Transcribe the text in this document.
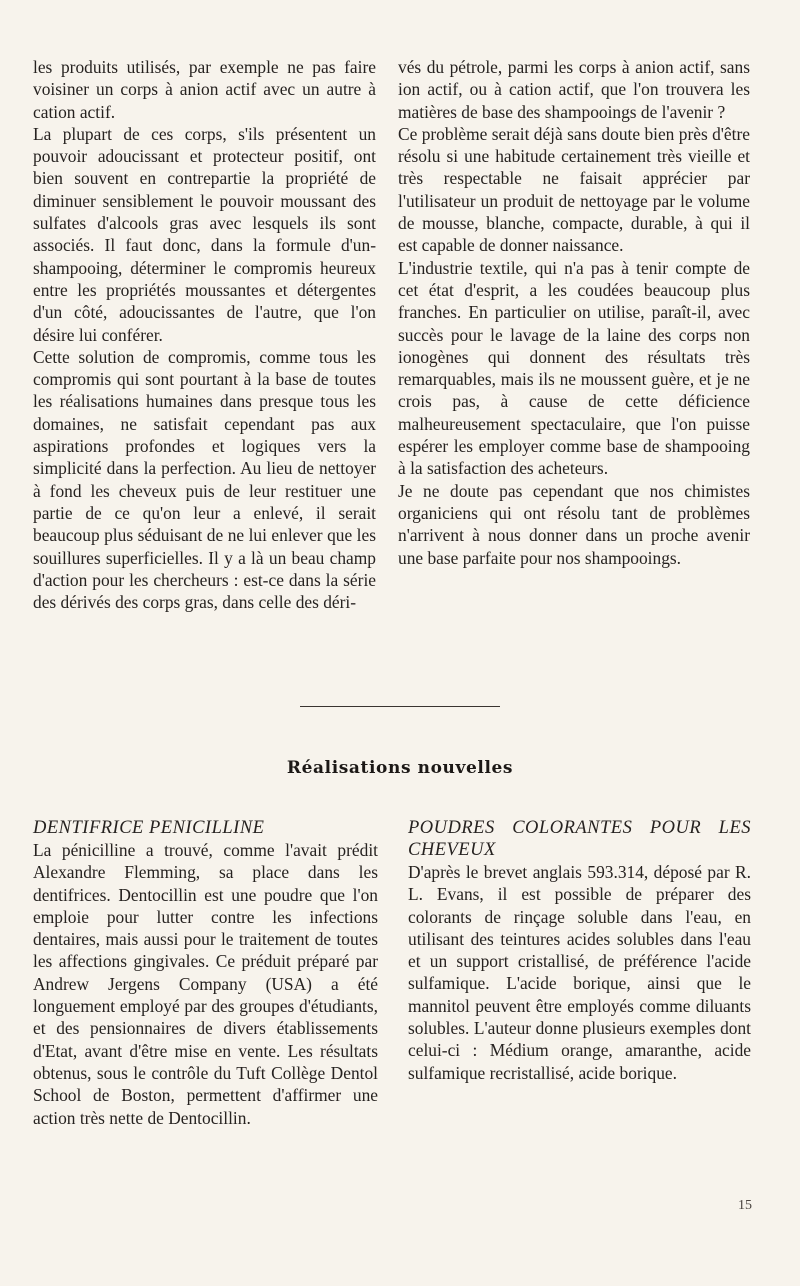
les produits utilisés, par exemple ne pas faire voisiner un corps à anion actif avec un autre à cation actif.

La plupart de ces corps, s'ils présentent un pouvoir adoucissant et protecteur positif, ont bien souvent en contrepartie la propriété de diminuer sensiblement le pouvoir moussant des sulfates d'alcools gras avec lesquels ils sont associés. Il faut donc, dans la formule d'un-shampooing, déterminer le compromis heureux entre les propriétés moussantes et détergentes d'un côté, adoucissantes de l'autre, que l'on désire lui conférer.

Cette solution de compromis, comme tous les compromis qui sont pourtant à la base de toutes les réalisations humaines dans presque tous les domaines, ne satisfait cependant pas aux aspirations profondes et logiques vers la simplicité dans la perfection. Au lieu de nettoyer à fond les cheveux puis de leur restituer une partie de ce qu'on leur a enlevé, il serait beaucoup plus séduisant de ne lui enlever que les souillures superficielles. Il y a là un beau champ d'action pour les chercheurs : est-ce dans la série des dérivés des corps gras, dans celle des déri-

vés du pétrole, parmi les corps à anion actif, sans ion actif, ou à cation actif, que l'on trouvera les matières de base des shampooings de l'avenir ?

Ce problème serait déjà sans doute bien près d'être résolu si une habitude certainement très vieille et très respectable ne faisait apprécier par l'utilisateur un produit de nettoyage par le volume de mousse, blanche, compacte, durable, à qui il est capable de donner naissance.

L'industrie textile, qui n'a pas à tenir compte de cet état d'esprit, a les coudées beaucoup plus franches. En particulier on utilise, paraît-il, avec succès pour le lavage de la laine des corps non ionogènes qui donnent des résultats très remarquables, mais ils ne moussent guère, et je ne crois pas, à cause de cette déficience malheureusement spectaculaire, que l'on puisse espérer les employer comme base de shampooing à la satisfaction des acheteurs.

Je ne doute pas cependant que nos chimistes organiciens qui ont résolu tant de problèmes n'arrivent à nous donner dans un proche avenir une base parfaite pour nos shampooings.

Réalisations nouvelles

DENTIFRICE PENICILLINE

La pénicilline a trouvé, comme l'avait prédit Alexandre Flemming, sa place dans les dentifrices. Dentocillin est une poudre que l'on emploie pour lutter contre les infections dentaires, mais aussi pour le traitement de toutes les affections gingivales. Ce préduit préparé par Andrew Jergens Company (USA) a été longuement employé par des groupes d'étudiants, et des pensionnaires de divers établissements d'Etat, avant d'être mise en vente. Les résultats obtenus, sous le contrôle du Tuft Collège Dentol School de Boston, permettent d'affirmer une action très nette de Dentocillin.

POUDRES COLORANTES POUR LES CHEVEUX

D'après le brevet anglais 593.314, déposé par R. L. Evans, il est possible de préparer des colorants de rinçage soluble dans l'eau, en utilisant des teintures acides solubles dans l'eau et un support cristallisé, de préférence l'acide sulfamique. L'acide borique, ainsi que le mannitol peuvent être employés comme diluants solubles. L'auteur donne plusieurs exemples dont celui-ci : Médium orange, amaranthe, acide sulfamique recristallisé, acide borique.

15
